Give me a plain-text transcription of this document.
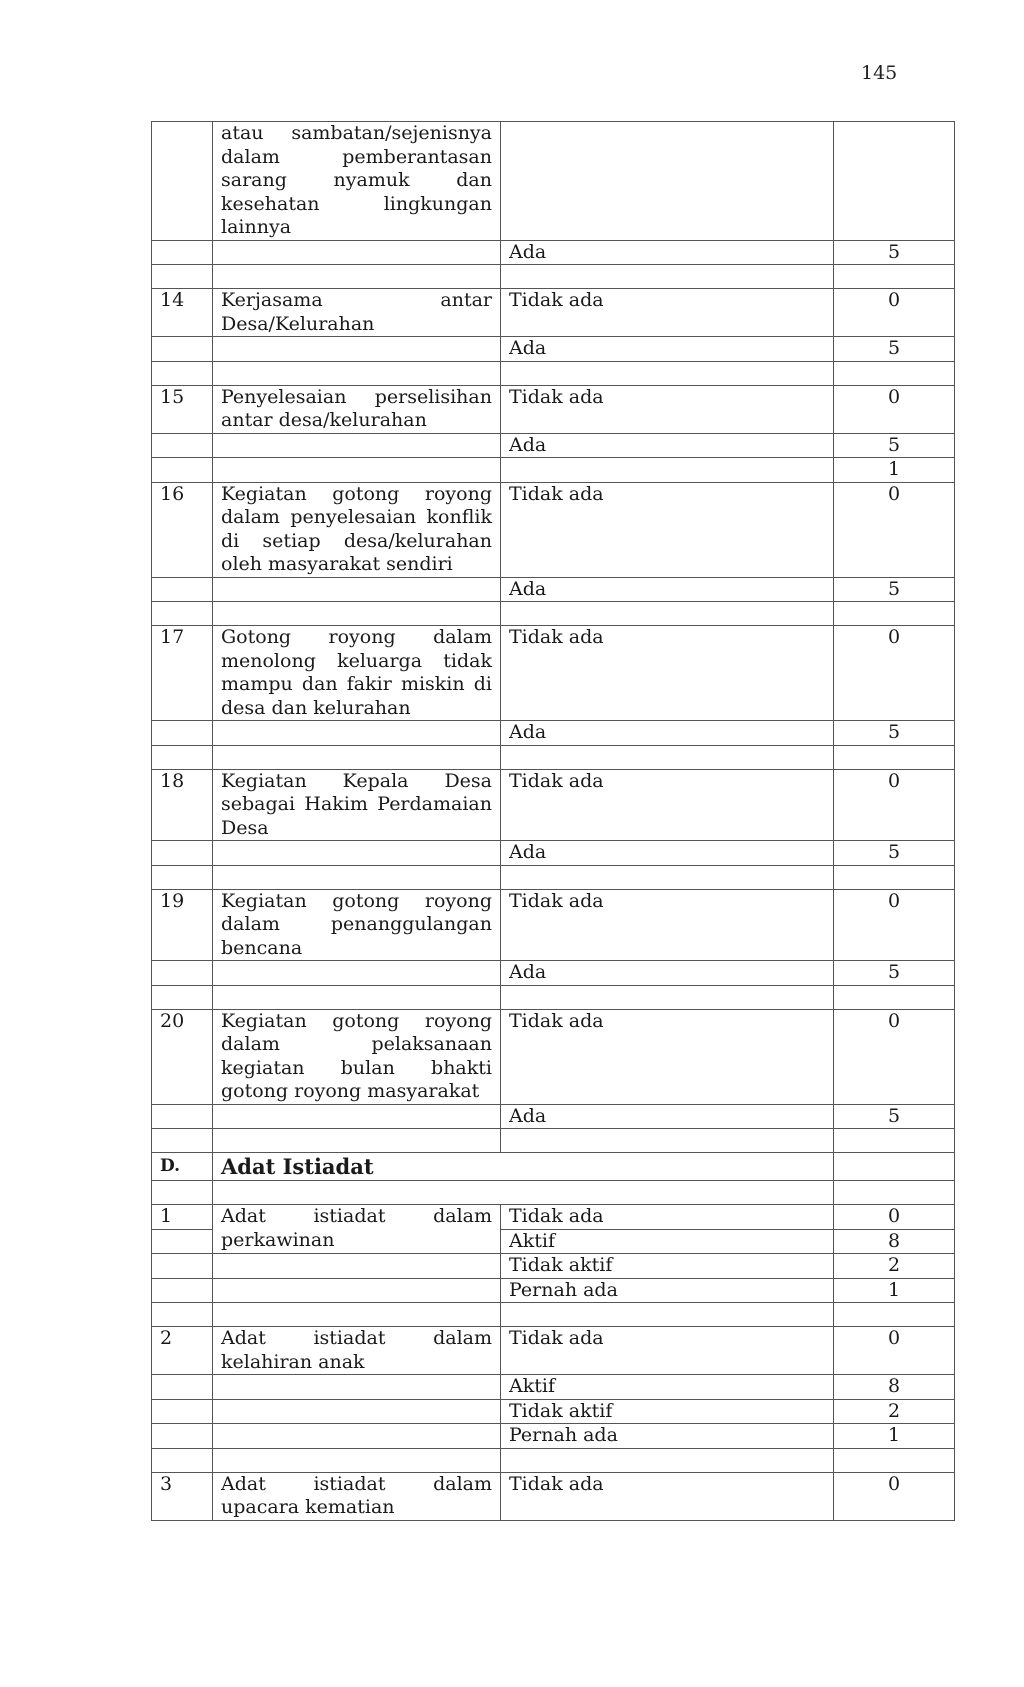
145
	atau sambatan/sejenisnya dalam pemberantasan sarang nyamuk dan kesehatan lingkungan lainnya		
		Ada	5

14	Kerjasama antar Desa/Kelurahan	Tidak ada	0
		Ada	5

15	Penyelesaian perselisihan antar desa/kelurahan	Tidak ada	0
		Ada	5
			1
16	Kegiatan gotong royong dalam penyelesaian konflik di setiap desa/kelurahan oleh masyarakat sendiri	Tidak ada	0
		Ada	5

17	Gotong royong dalam menolong keluarga tidak mampu dan fakir miskin di desa dan kelurahan	Tidak ada	0
		Ada	5

18	Kegiatan Kepala Desa sebagai Hakim Perdamaian Desa	Tidak ada	0
		Ada	5

19	Kegiatan gotong royong dalam penanggulangan bencana	Tidak ada	0
		Ada	5

20	Kegiatan gotong royong dalam pelaksanaan kegiatan bulan bhakti gotong royong masyarakat	Tidak ada	0
		Ada	5

D.	Adat Istiadat		

1	Adat istiadat dalam perkawinan	Tidak ada	0
		Aktif	8
		Tidak aktif	2
		Pernah ada	1

2	Adat istiadat dalam kelahiran anak	Tidak ada	0
		Aktif	8
		Tidak aktif	2
		Pernah ada	1

3	Adat istiadat dalam upacara kematian	Tidak ada	0
